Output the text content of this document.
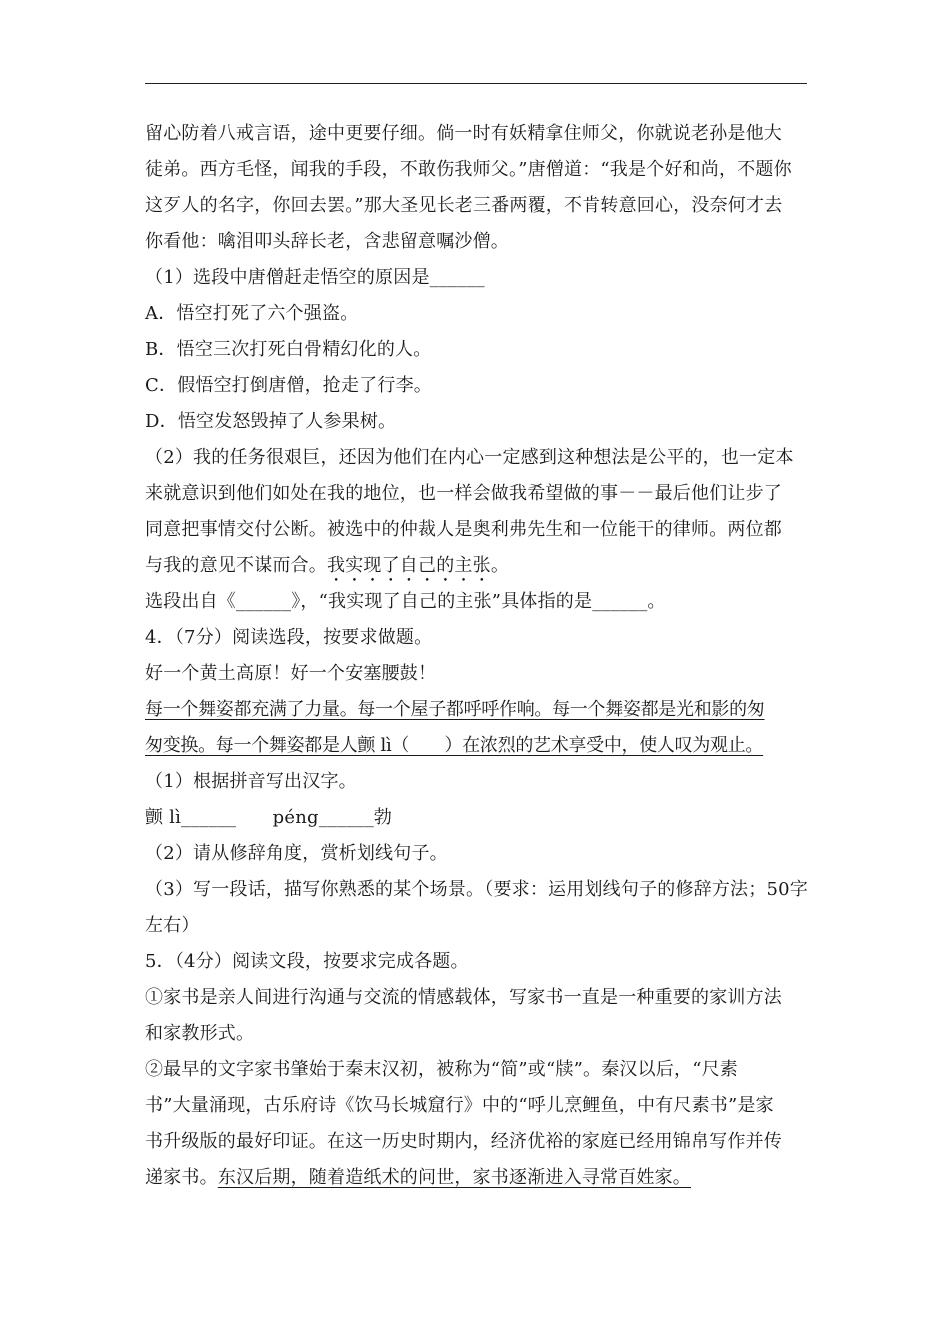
留心防着八戒言语，途中更要仔细。倘一时有妖精拿住师父，你就说老孙是他大
徒弟。西方毛怪，闻我的手段，不敢伤我师父。”唐僧道：“我是个好和尚，不题你
这歹人的名字，你回去罢。”那大圣见长老三番两覆，不肯转意回心，没奈何才去
你看他：噙泪叩头辞长老，含悲留意嘱沙僧。
（1）选段中唐僧赶走悟空的原因是______
A．悟空打死了六个强盗。
B．悟空三次打死白骨精幻化的人。
C．假悟空打倒唐僧，抢走了行李。
D．悟空发怒毁掉了人参果树。
（2）我的任务很艰巨，还因为他们在内心一定感到这种想法是公平的，也一定本
来就意识到他们如处在我的地位，也一样会做我希望做的事－－最后他们让步了
同意把事情交付公断。被选中的仲裁人是奥利弗先生和一位能干的律师。两位都
与我的意见不谋而合。我实现了自己的主张。
选段出自《______》，“我实现了自己的主张”具体指的是______。
4．（7分）阅读选段，按要求做题。
好一个黄土高原！好一个安塞腰鼓！
每一个舞姿都充满了力量。每一个屋子都呼呼作响。每一个舞姿都是光和影的匆
匆变换。每一个舞姿都是人颤 lì（　　）在浓烈的艺术享受中，使人叹为观止。
（1）根据拼音写出汉字。
颤 lì______　　péng______勃
（2）请从修辞角度，赏析划线句子。
（3）写一段话，描写你熟悉的某个场景。（要求：运用划线句子的修辞方法；50字
左右）
5．（4分）阅读文段，按要求完成各题。
①家书是亲人间进行沟通与交流的情感载体，写家书一直是一种重要的家训方法
和家教形式。
②最早的文字家书肇始于秦末汉初，被称为“简”或“牍”。秦汉以后，“尺素
书”大量涌现，古乐府诗《饮马长城窟行》中的“呼儿烹鲤鱼，中有尺素书”是家
书升级版的最好印证。在这一历史时期内，经济优裕的家庭已经用锦帛写作并传
递家书。东汉后期，随着造纸术的问世，家书逐渐进入寻常百姓家。
